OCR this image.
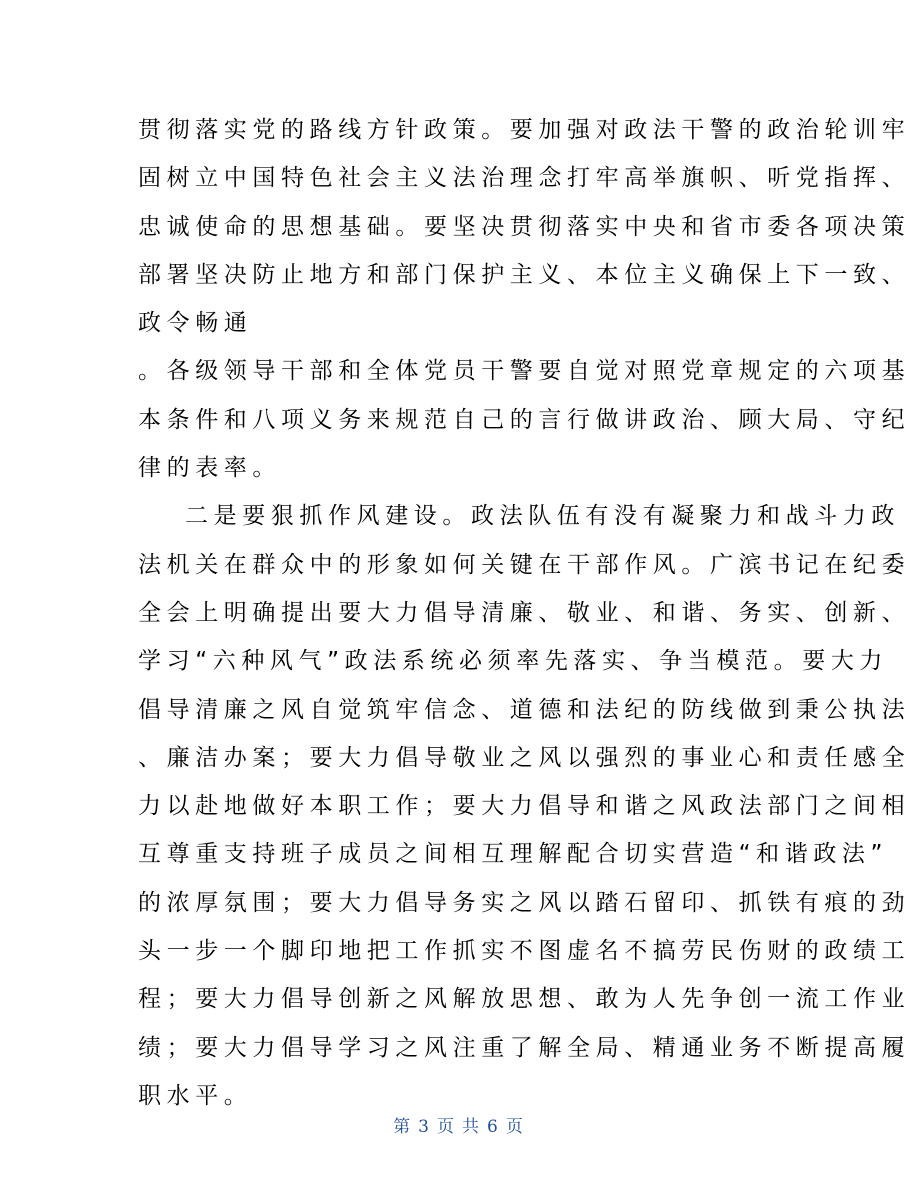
贯彻落实党的路线方针政策。要加强对政法干警的政治轮训牢

固树立中国特色社会主义法治理念打牢高举旗帜、听党指挥、

忠诚使命的思想基础。要坚决贯彻落实中央和省市委各项决策

部署坚决防止地方和部门保护主义、本位主义确保上下一致、

政令畅通

。各级领导干部和全体党员干警要自觉对照党章规定的六项基

本条件和八项义务来规范自己的言行做讲政治、顾大局、守纪

律的表率。

二是要狠抓作风建设。政法队伍有没有凝聚力和战斗力政

法机关在群众中的形象如何关键在干部作风。广滨书记在纪委

全会上明确提出要大力倡导清廉、敬业、和谐、务实、创新、

学习“六种风气”政法系统必须率先落实、争当模范。要大力

倡导清廉之风自觉筑牢信念、道德和法纪的防线做到秉公执法

、廉洁办案；要大力倡导敬业之风以强烈的事业心和责任感全

力以赴地做好本职工作；要大力倡导和谐之风政法部门之间相

互尊重支持班子成员之间相互理解配合切实营造“和谐政法”

的浓厚氛围；要大力倡导务实之风以踏石留印、抓铁有痕的劲

头一步一个脚印地把工作抓实不图虚名不搞劳民伤财的政绩工

程；要大力倡导创新之风解放思想、敢为人先争创一流工作业

绩；要大力倡导学习之风注重了解全局、精通业务不断提高履

职水平。

第 3 页 共 6 页
